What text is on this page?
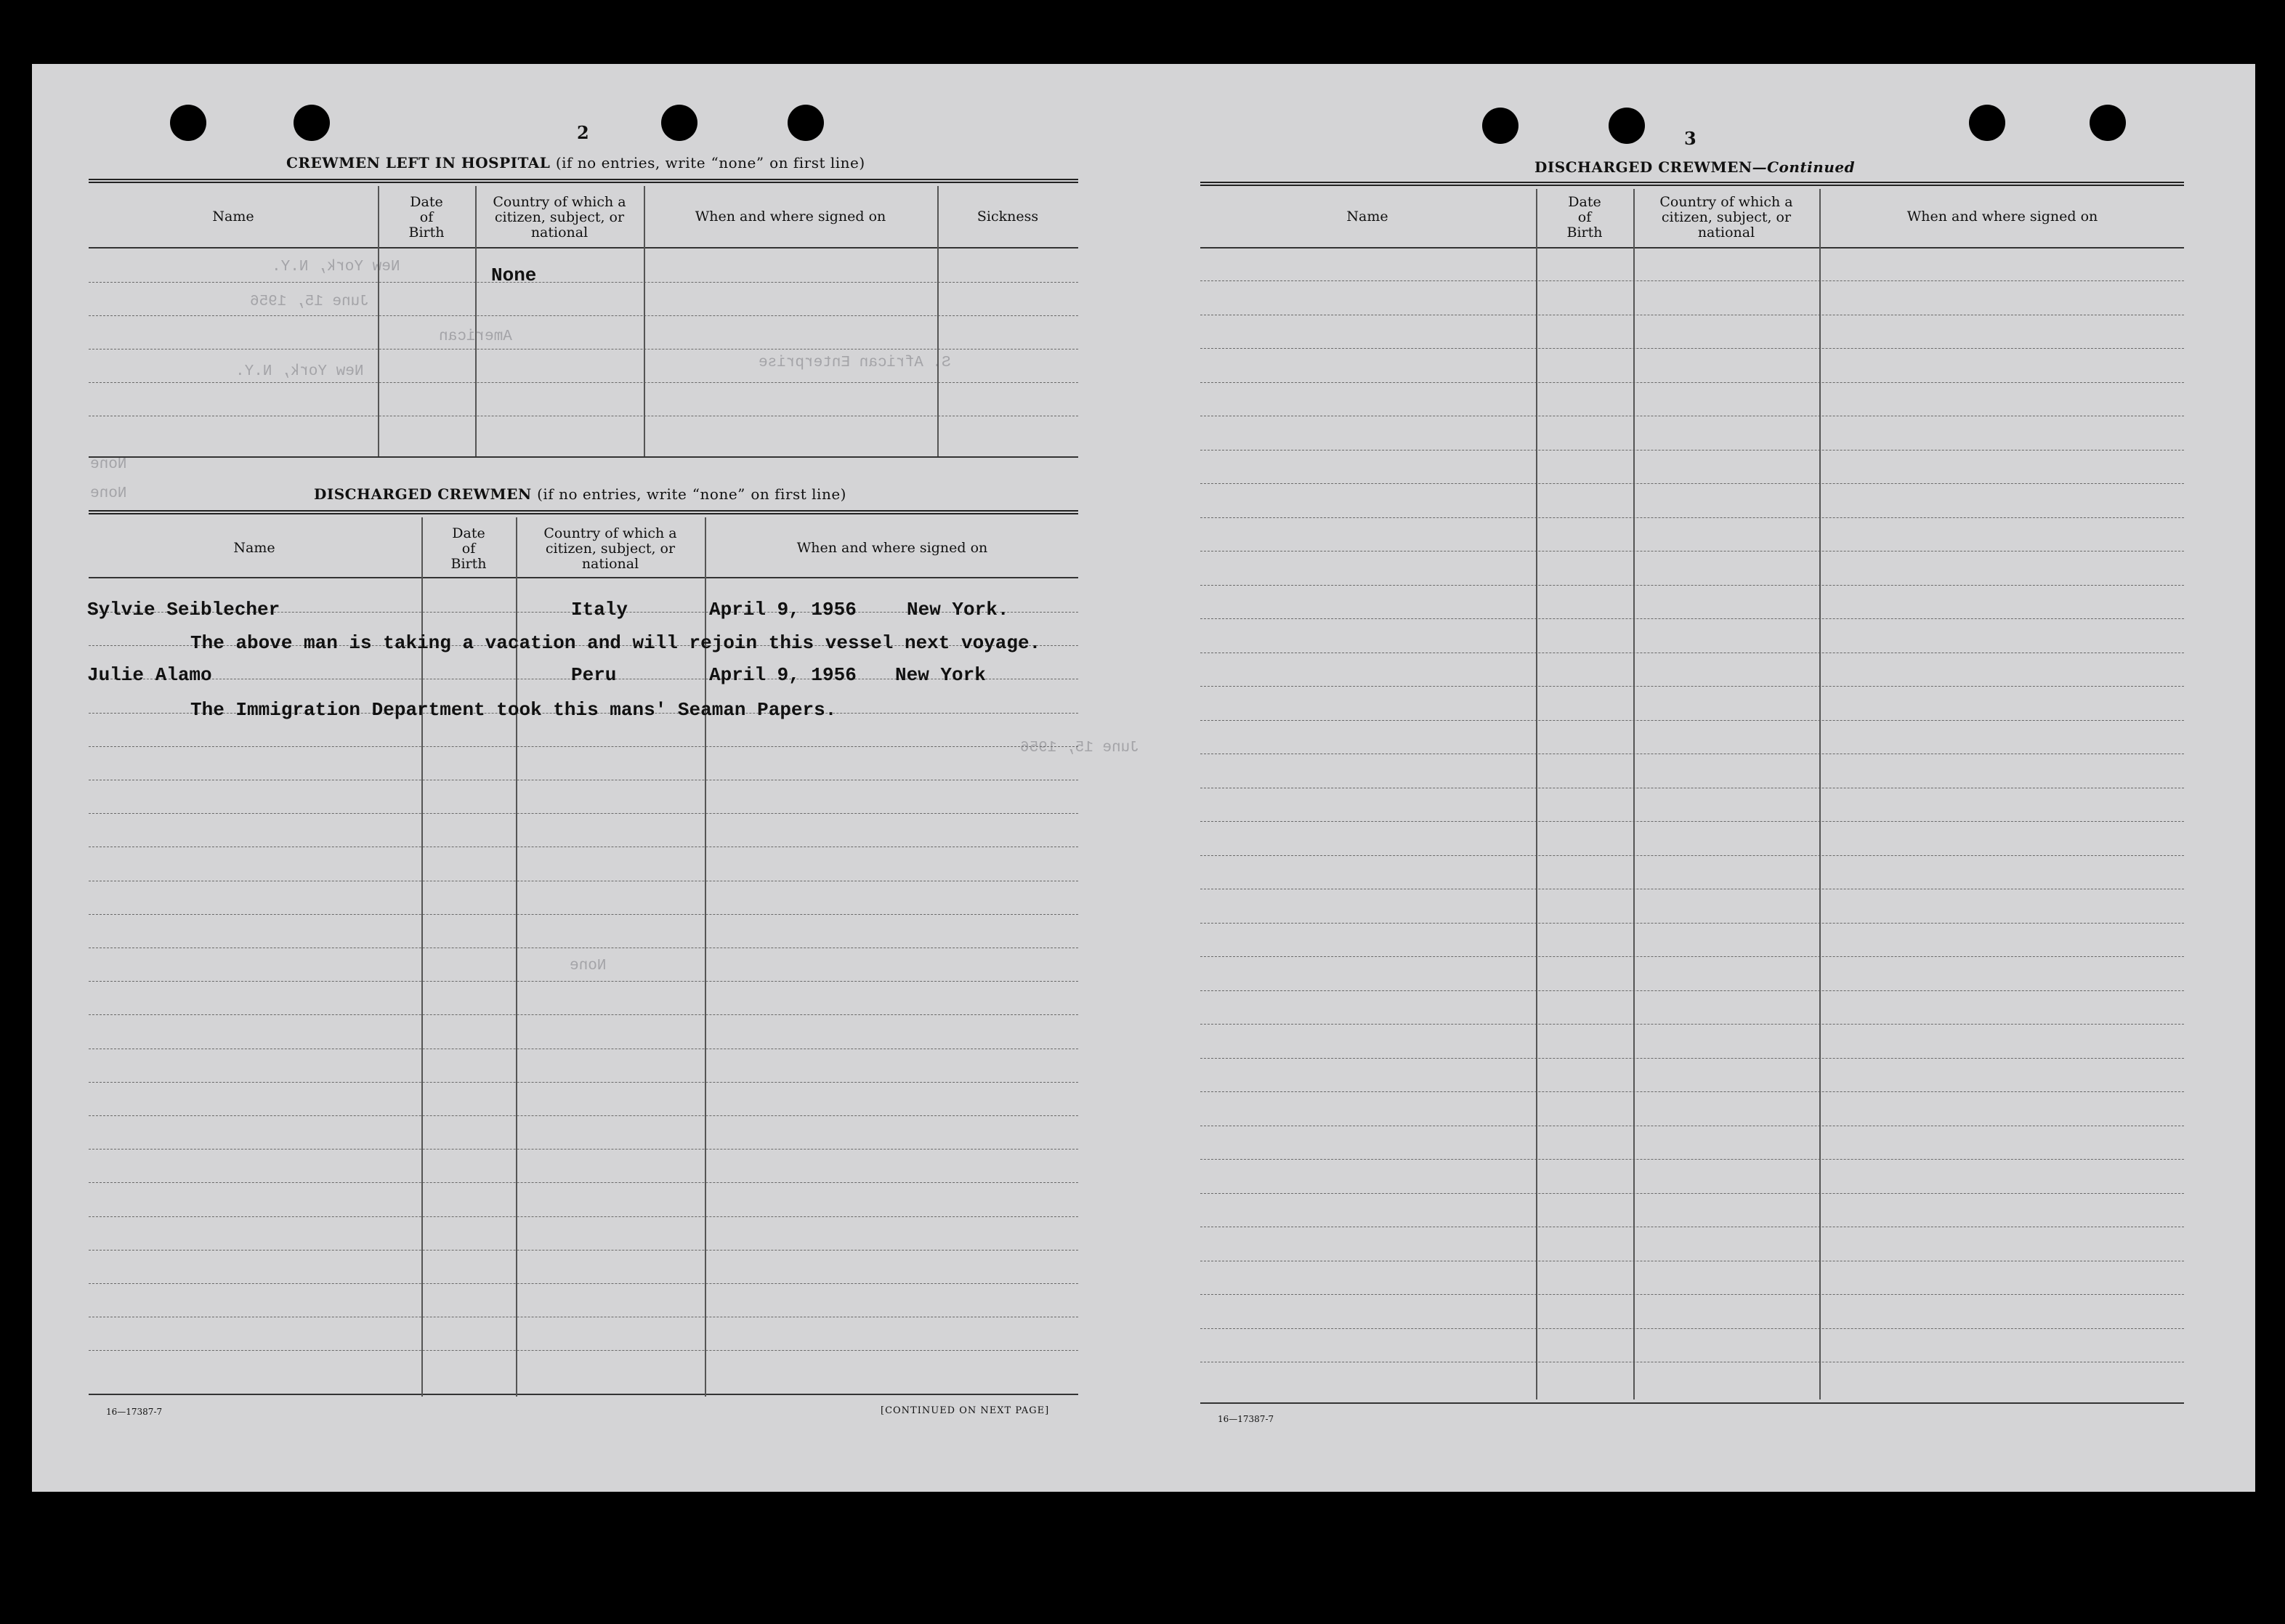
New York, N.Y.
June 15, 1956
American
New York, N.Y.
S. African Enterprise
None
None
June 15, 1956
None
2
CREWMEN LEFT IN HOSPITAL (if no entries, write “none” on first line)
Name
Date
of
Birth
Country of which a
citizen, subject, or
national
When and where signed on	Sickness
None
DISCHARGED CREWMEN (if no entries, write “none” on first line)
Name
Date
of
Birth
Country of which a
citizen, subject, or
national
When and where signed on
Sylvie Seiblecher	Italy	April 9, 1956	New York.
The above man is taking a vacation and will rejoin this vessel next voyage.
Julie Alamo	Peru	April 9, 1956 New York
The Immigration Department took this mans' Seaman Papers.
16—17387-7	[CONTINUED ON NEXT PAGE]
3
DISCHARGED CREWMEN—Continued
Name
Date
of
Birth
Country of which a
citizen, subject, or
national
When and where signed on
16—17387-7
